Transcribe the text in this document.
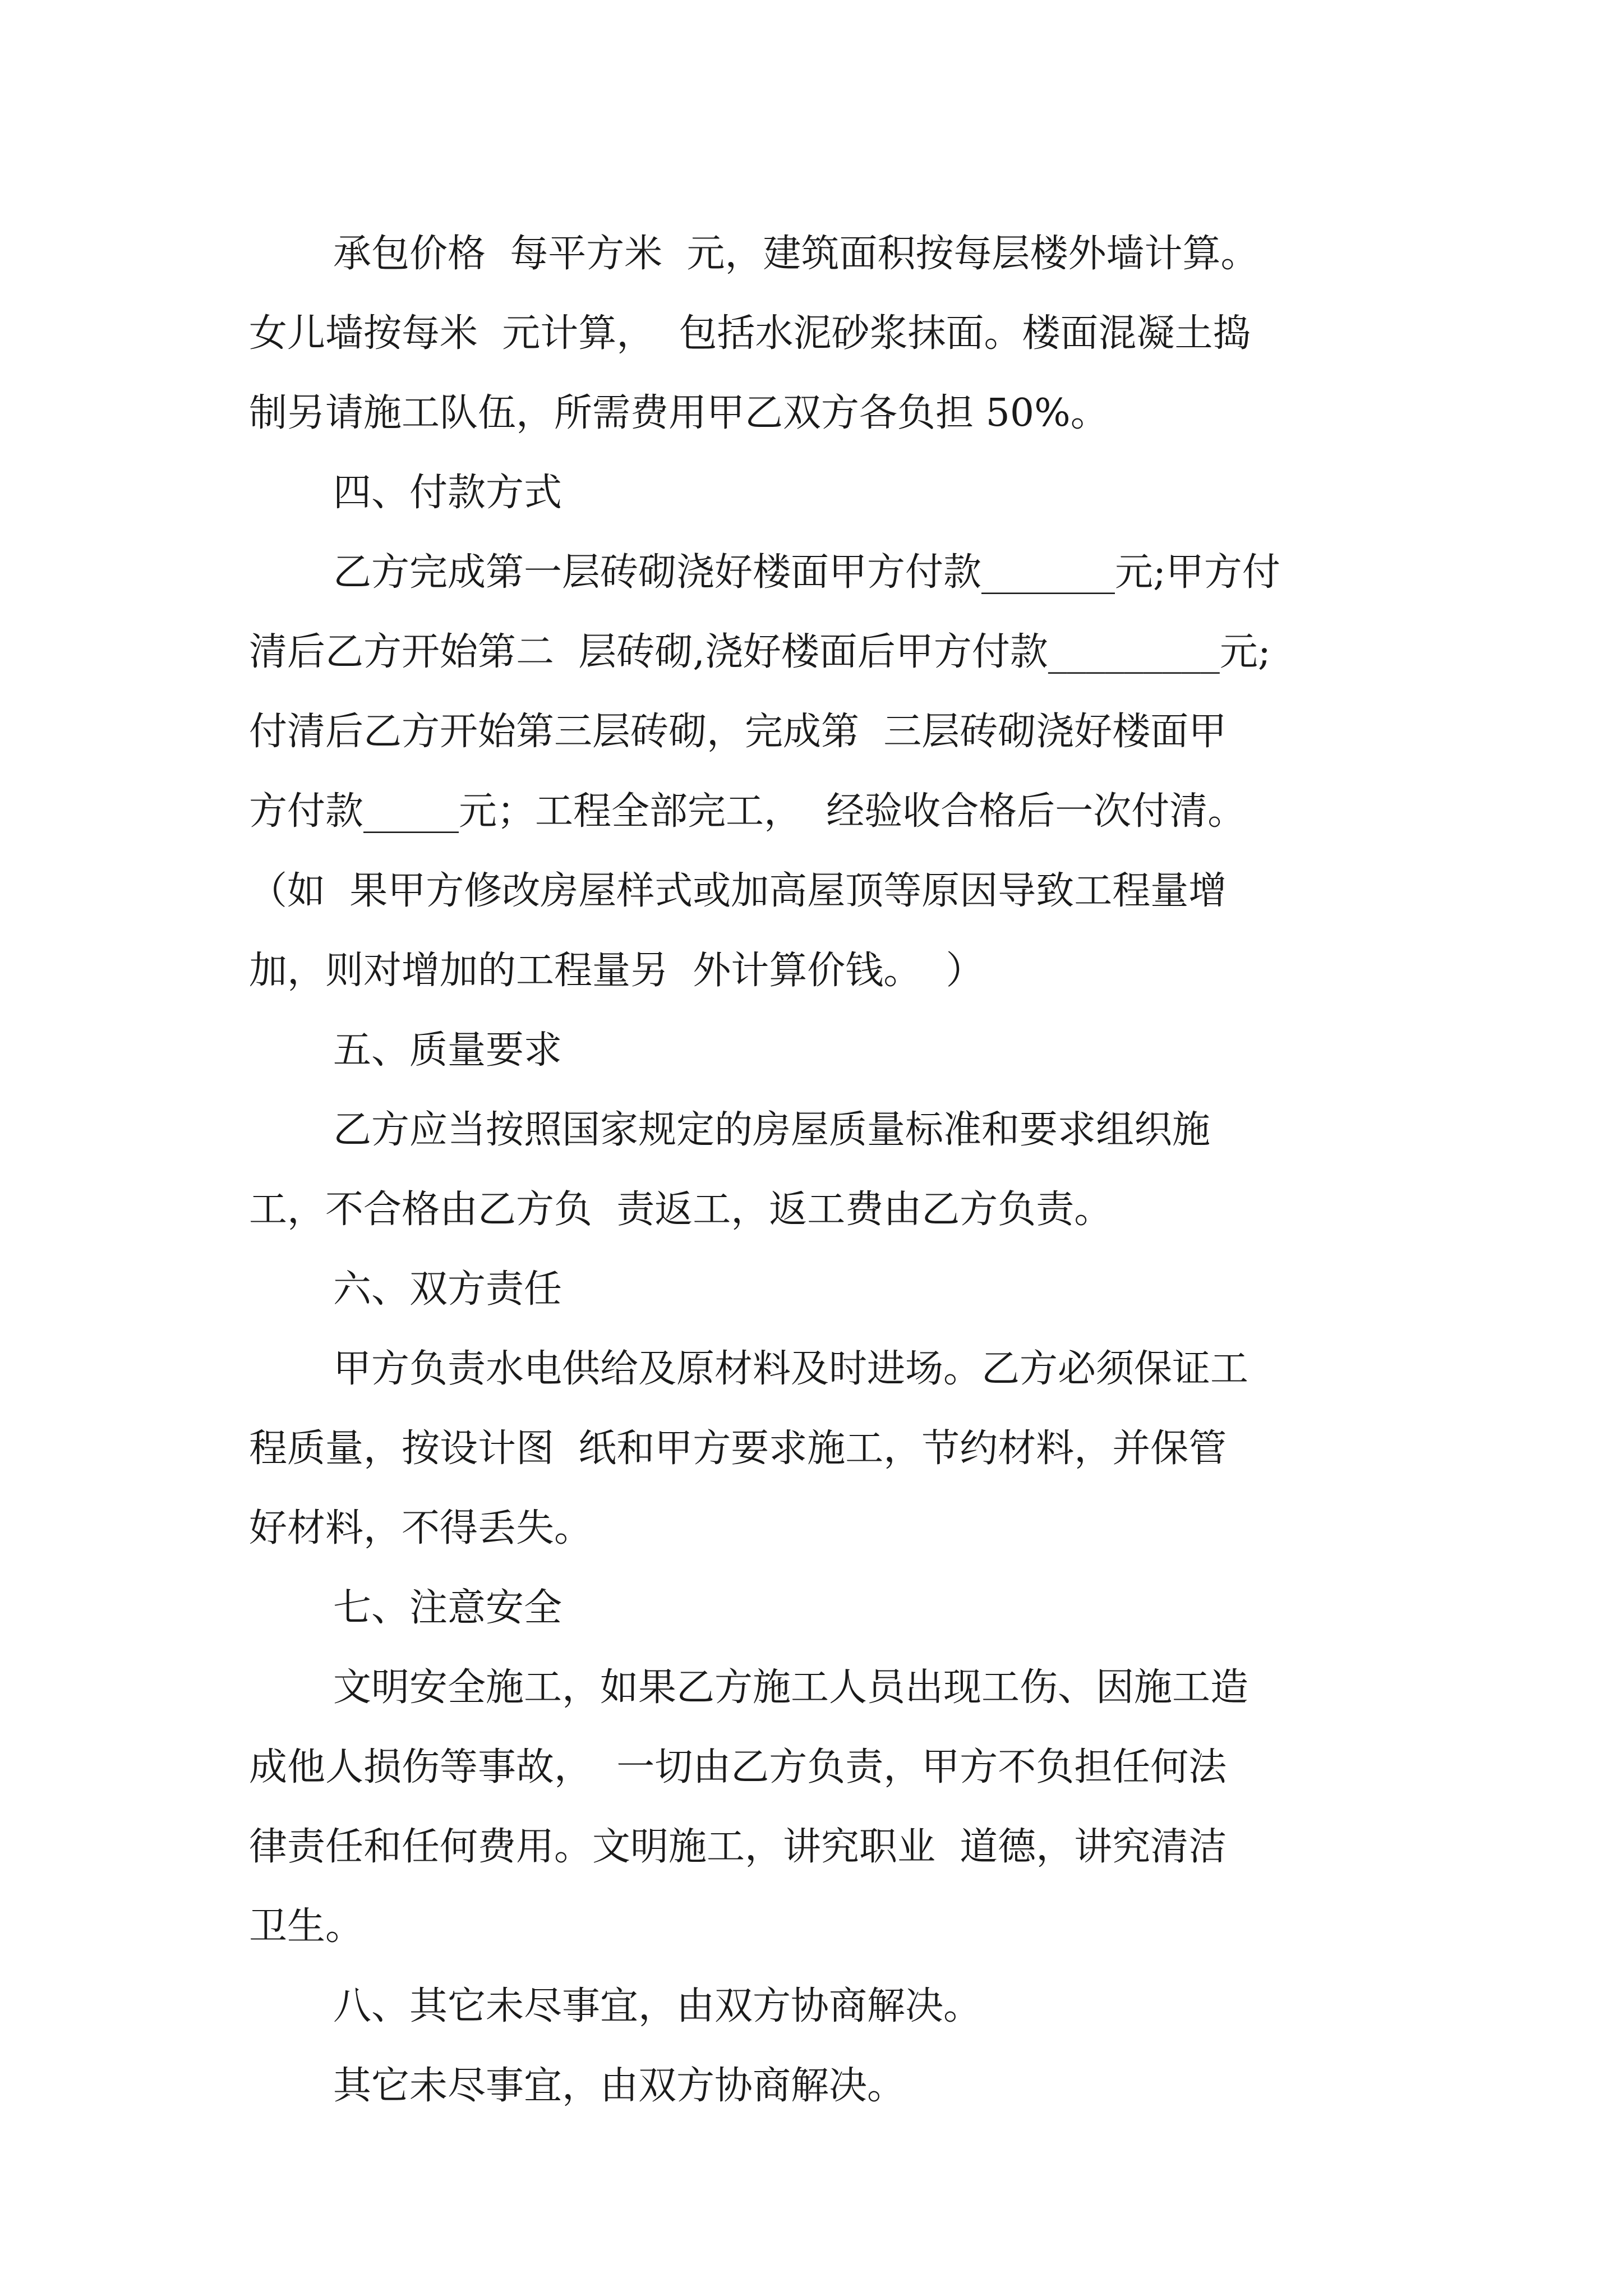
承包价格  每平方米  元，建筑面积按每层楼外墙计算。

女儿墙按每米  元计算，  包括水泥砂浆抹面。楼面混凝土捣

制另请施工队伍，所需费用甲乙双方各负担 50%。

四、付款方式

乙方完成第一层砖砌浇好楼面甲方付款_______元;甲方付

清后乙方开始第二  层砖砌,浇好楼面后甲方付款_________元;

付清后乙方开始第三层砖砌，完成第  三层砖砌浇好楼面甲

方付款_____元；工程全部完工，  经验收合格后一次付清。

（如  果甲方修改房屋样式或加高屋顶等原因导致工程量增

加，则对增加的工程量另  外计算价钱。  ）

五、质量要求

乙方应当按照国家规定的房屋质量标准和要求组织施

工，不合格由乙方负  责返工，返工费由乙方负责。

六、双方责任

甲方负责水电供给及原材料及时进场。乙方必须保证工

程质量，按设计图  纸和甲方要求施工，节约材料，并保管

好材料，不得丢失。

七、注意安全

文明安全施工，如果乙方施工人员出现工伤、因施工造

成他人损伤等事故，  一切由乙方负责，甲方不负担任何法

律责任和任何费用。文明施工，讲究职业  道德，讲究清洁

卫生。

八、其它未尽事宜，由双方协商解决。

其它未尽事宜，由双方协商解决。
